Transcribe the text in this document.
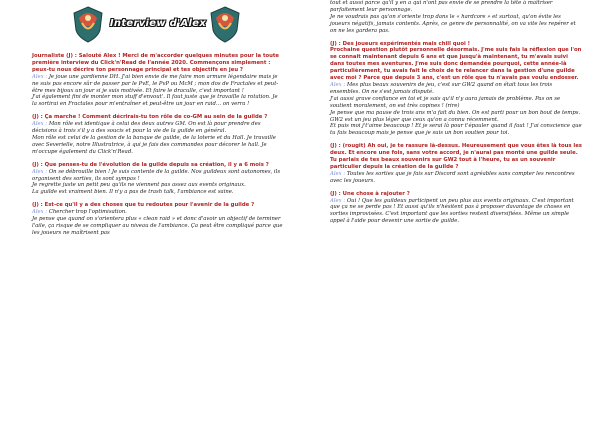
Interview d'Alex

Journaliste (J) : Salouté Alex ! Merci de m'accorder quelques minutes pour la toute première interview du Click'n'Read de l'année 2020. Commençons simplement : peux-tu nous décrire ton personnage principal et tes objectifs en jeu ?

Alex : Je joue une gardienne DH. J'ai bien envie de me faire mon armure légendaire mais je ne suis pas encore sûr de passer par le PvE, le PvP ou McM ; mon dos de Fractales et peut-être mes bijoux un jour si je suis motivée. Et faire le draculle, c'est important !

J'ai également fini de monter mon stuff d'envout'. Il faut juste que je travaille la rotation. Je la sortirai en Fractales pour m'entraîner et peut-être un jour en raid… on verra !

(J) : Ça marche ! Comment décrirais-tu ton rôle de co-GM au sein de la guilde ?

Alex : Mon rôle est identique à celui des deux autres GM. On est là pour prendre des décisions à trois s'il y a des soucis et pour la vie de la guilde en général.

Mon rôle est celui de la gestion de la banque de guilde, de la loterie et du Hall. Je travaille avec Severielle, notre Illustratrice, à qui je fais des commandes pour décorer le hall. Je m'occupe également du Click'n'Read.

(J) : Que penses-tu de l'évolution de la guilde depuis sa création, il y a 6 mois ?

Alex : On se débrouille bien ! Je suis contente de la guilde. Nos guildeux sont autonomes, ils organisent des sorties, ils sont sympas !

Je regrette juste un petit peu qu'ils ne viennent pas assez aux events originaux.

La guilde est vraiment bien. Il n'y a pas de trash talk, l'ambiance est saine.

(J) : Est-ce qu'il y a des choses que tu redoutes pour l'avenir de la guilde ?

Alex : Chercher trop l'optimisation.

Je pense que quand on s'orientera plus « clean raid » et donc d'avoir un objectif de terminer l'aile, ça risque de se compliquer au niveau de l'ambiance. Ça peut être compliqué parce que les joueurs ne maîtrisent pas

tout et aussi parce qu'il y en a qui n'ont pas envie de se prendre la tête à maîtriser parfaitement leur personnage.

Je ne voudrais pas qu'on s'oriente trop dans le « hardcore » et surtout, qu'on évite les joueurs négatifs, jamais contents. Après, ce genre de personnalité, on va vite les repérer et on ne les gardera pas.

(J) : Des joueurs expérimentés mais chill quoi !

Prochaine question plutôt personnelle désormais. J'me suis fais la réflexion que l'on se connait maintenant depuis 6 ans et que jusqu'à maintenant, tu m'avais suivi dans toutes mes aventures. J'me suis donc demandée pourquoi, cette année-là particulièrement, tu avais fait le choix de te relancer dans la gestion d'une guilde avec moi ? Parce que depuis 3 ans, c'est un rôle que tu n'avais pas voulu endosser.

Alex : Mes plus beaux souvenirs de jeu, c'est sur GW2 quand on était tous les trois ensembles. On ne s'est jamais disputé.

J'ai aussi grave confiance en toi et je sais qu'il n'y aura jamais de problème. Pas on se soutient moralement, on est très copines ! (rire)

Je pense que ma pause de trois ans m'a fait du bien. On est parti pour un bon bout de temps. GW2 est un jeu plus léger que ceux qu'on a connu récemment.

Et puis moi j't'aime beaucoup ! Et je serai là pour t'épauler quand il faut ! J'ai conscience que tu fais beaucoup mais je pense que je suis un bon soutien pour toi.

(J) : (rougit) Ah oui, je te rassure là-dessus. Heureusement que vous êtes là tous les deux. Et encore une fois, sans votre accord, je n'aurai pas monté une guilde seule.

Tu parlais de tes beaux souvenirs sur GW2 tout à l'heure, tu as un souvenir particulier depuis la création de la guilde ?

Alex : Toutes les sorties que je fais sur Discord sont agréables sans compter les rencontres avec les joueurs.

(J) : Une chose à rajouter ?

Alex : Oui ! Que les guildeux participent un peu plus aux events originaux. C'est important que ça ne se perde pas ! Et aussi qu'ils n'hésitent pas à proposer davantage de choses en sorties improvisées. C'est important que les sorties restent diversifiées. Même un simple appel à l'aide pour devenir une sortie de guilde.
